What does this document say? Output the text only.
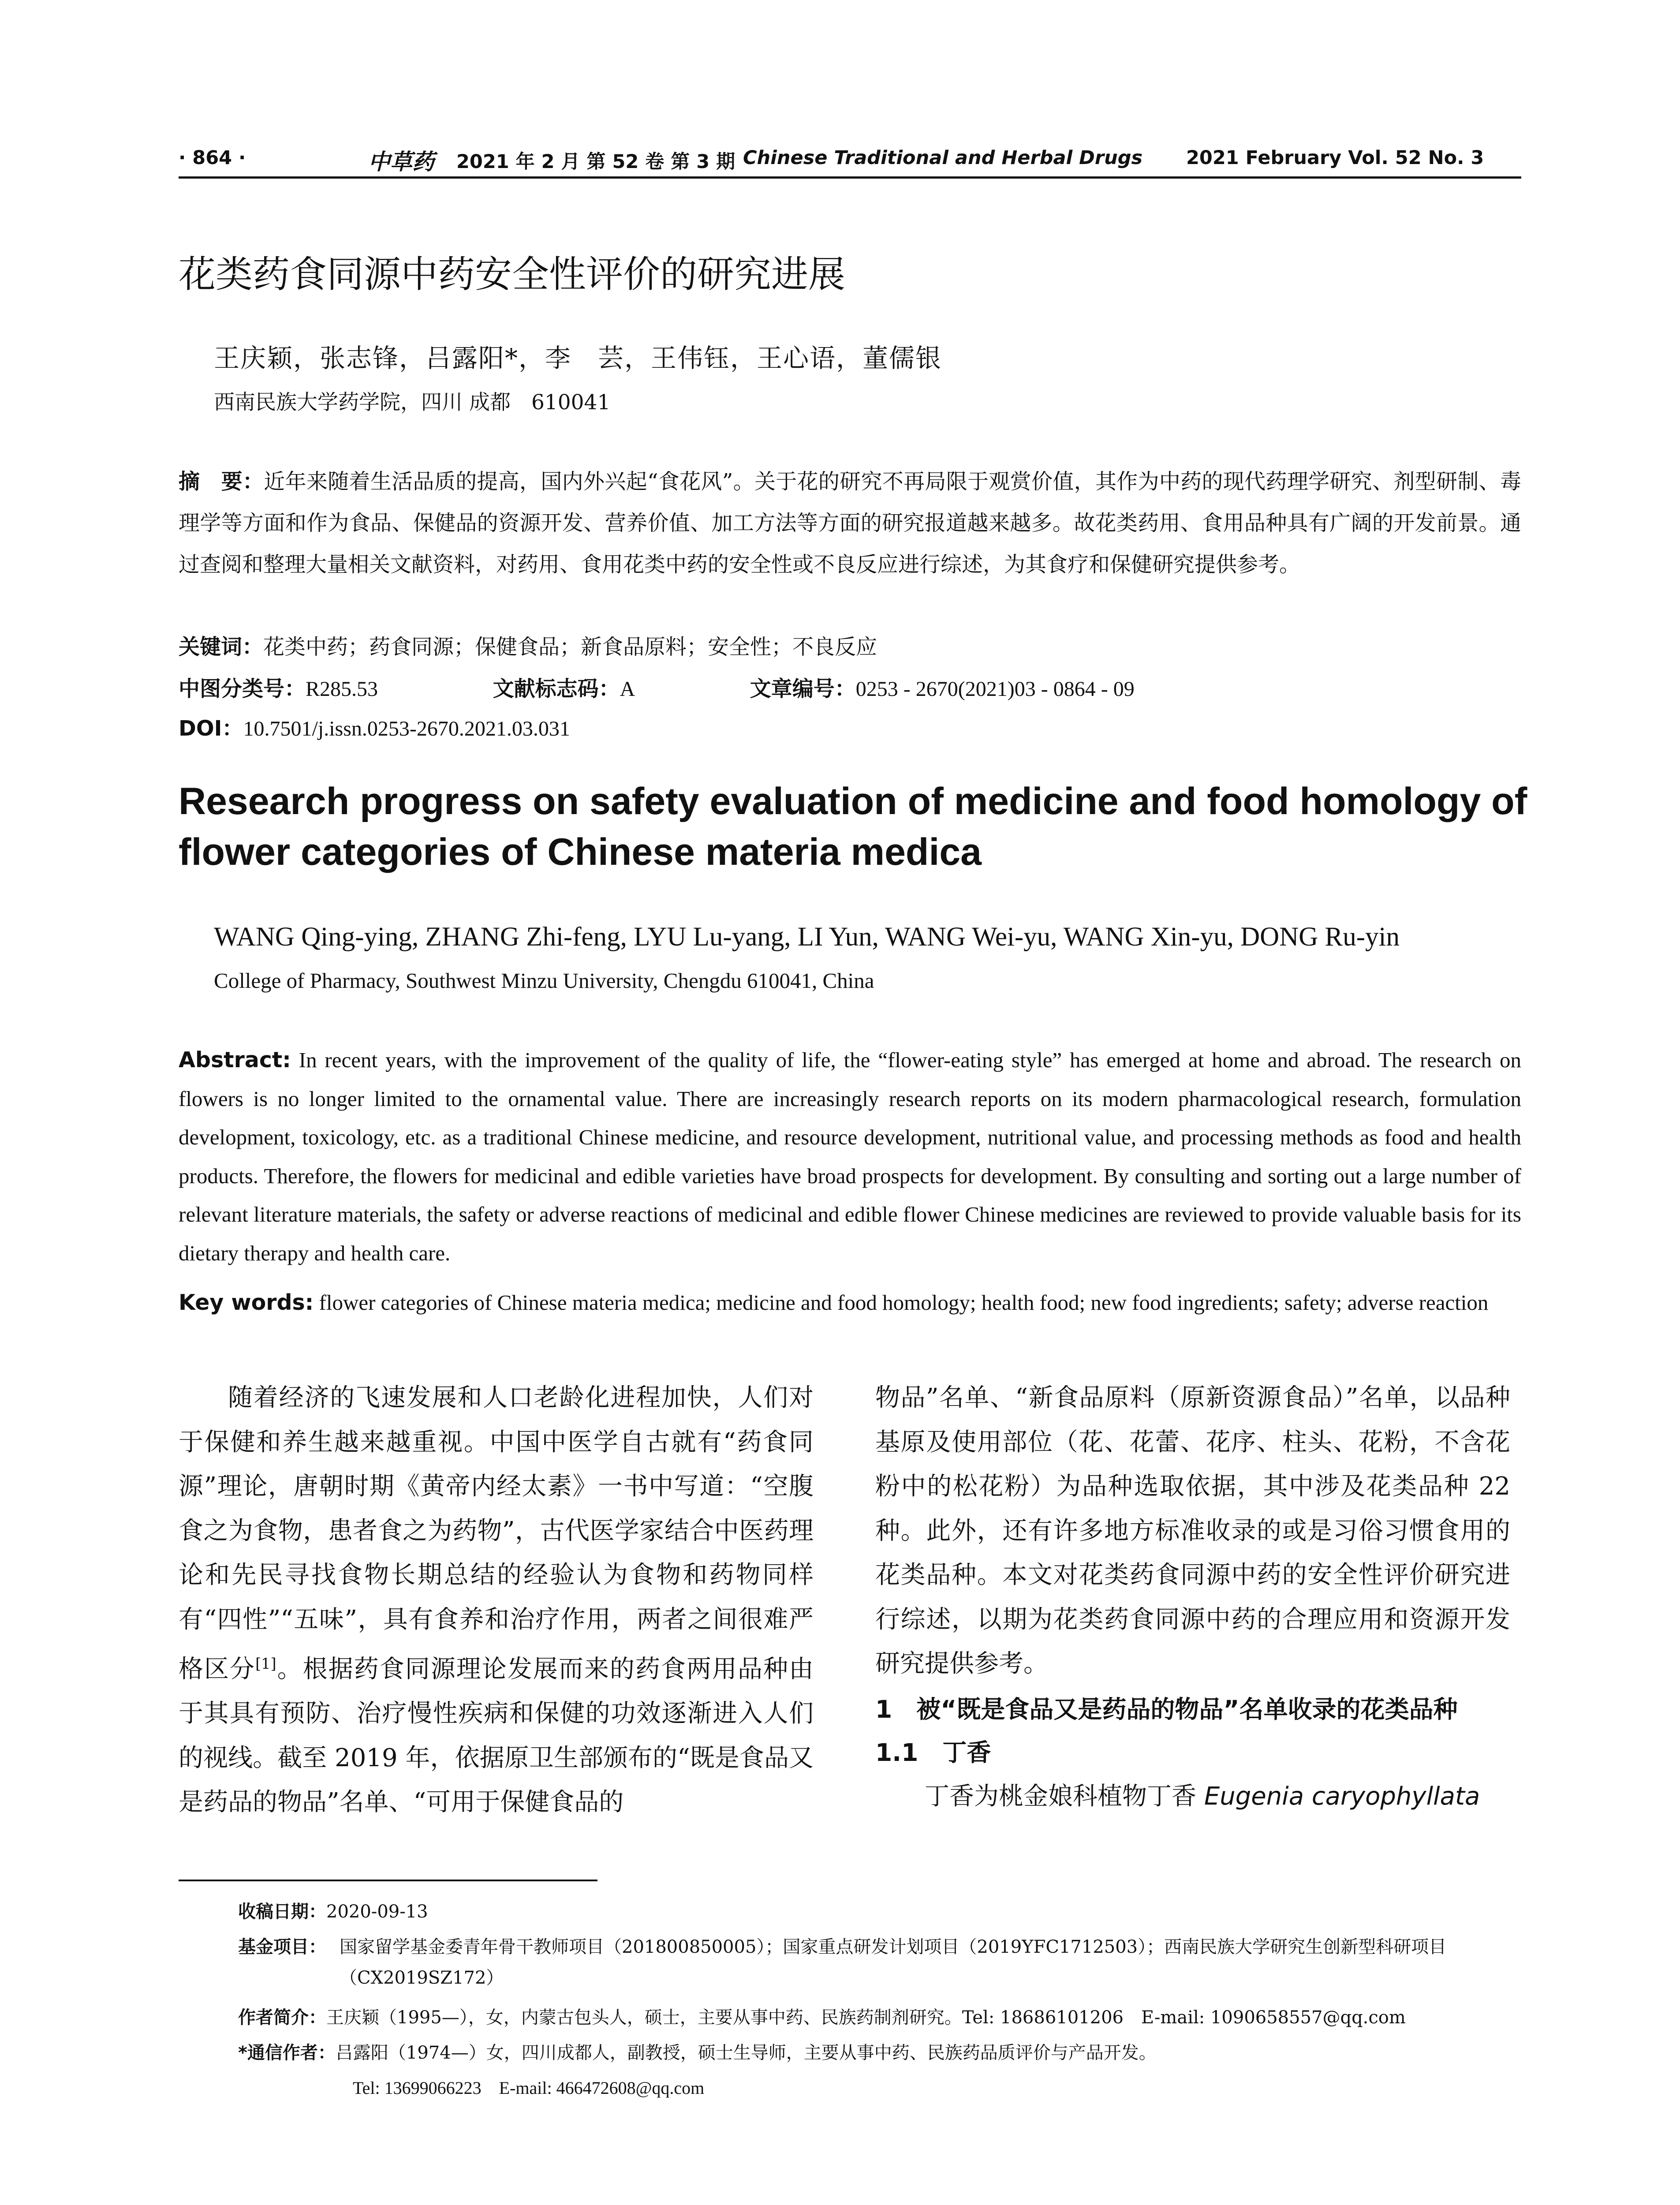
· 864 ·	中草药 2021 年 2 月 第 52 卷 第 3 期 Chinese Traditional and Herbal Drugs 2021 February Vol. 52 No. 3
花类药食同源中药安全性评价的研究进展
王庆颖，张志锋，吕露阳*，李　芸，王伟钰，王心语，董儒银
西南民族大学药学院，四川 成都　610041
摘　要：近年来随着生活品质的提高，国内外兴起“食花风”。关于花的研究不再局限于观赏价值，其作为中药的现代药理学研究、剂型研制、毒理学等方面和作为食品、保健品的资源开发、营养价值、加工方法等方面的研究报道越来越多。故花类药用、食用品种具有广阔的开发前景。通过查阅和整理大量相关文献资料，对药用、食用花类中药的安全性或不良反应进行综述，为其食疗和保健研究提供参考。
关键词：花类中药；药食同源；保健食品；新食品原料；安全性；不良反应
中图分类号：R285.53	文献标志码：A	文章编号：0253 - 2670(2021)03 - 0864 - 09
DOI：10.7501/j.issn.0253-2670.2021.03.031
Research progress on safety evaluation of medicine and food homology of flower categories of Chinese materia medica
WANG Qing-ying, ZHANG Zhi-feng, LYU Lu-yang, LI Yun, WANG Wei-yu, WANG Xin-yu, DONG Ru-yin
College of Pharmacy, Southwest Minzu University, Chengdu 610041, China
Abstract: In recent years, with the improvement of the quality of life, the “flower-eating style” has emerged at home and abroad. The research on flowers is no longer limited to the ornamental value. There are increasingly research reports on its modern pharmacological research, formulation development, toxicology, etc. as a traditional Chinese medicine, and resource development, nutritional value, and processing methods as food and health products. Therefore, the flowers for medicinal and edible varieties have broad prospects for development. By consulting and sorting out a large number of relevant literature materials, the safety or adverse reactions of medicinal and edible flower Chinese medicines are reviewed to provide valuable basis for its dietary therapy and health care.
Key words: flower categories of Chinese materia medica; medicine and food homology; health food; new food ingredients; safety; adverse reaction

随着经济的飞速发展和人口老龄化进程加快，人们对于保健和养生越来越重视。中国中医学自古就有“药食同源”理论，唐朝时期《黄帝内经太素》一书中写道：“空腹食之为食物，患者食之为药物”，古代医学家结合中医药理论和先民寻找食物长期总结的经验认为食物和药物同样有“四性”“五味”，具有食养和治疗作用，两者之间很难严格区分[1]。根据药食同源理论发展而来的药食两用品种由于其具有预防、治疗慢性疾病和保健的功效逐渐进入人们的视线。截至 2019 年，依据原卫生部颁布的“既是食品又是药品的物品”名单、“可用于保健食品的

物品”名单、“新食品原料（原新资源食品）”名单，以品种基原及使用部位（花、花蕾、花序、柱头、花粉，不含花粉中的松花粉）为品种选取依据，其中涉及花类品种 22 种。此外，还有许多地方标准收录的或是习俗习惯食用的花类品种。本文对花类药食同源中药的安全性评价研究进行综述，以期为花类药食同源中药的合理应用和资源开发研究提供参考。

1　被“既是食品又是药品的物品”名单收录的花类品种

1.1　丁香

丁香为桃金娘科植物丁香 Eugenia caryophyllata

收稿日期：2020-09-13
基金项目： 国家留学基金委青年骨干教师项目（201800850005）；国家重点研发计划项目（2019YFC1712503）；西南民族大学研究生创新型科研项目（CX2019SZ172）
作者简介：王庆颖（1995—），女，内蒙古包头人，硕士，主要从事中药、民族药制剂研究。Tel: 18686101206　E-mail: 1090658557@qq.com
*通信作者：吕露阳（1974—）女，四川成都人，副教授，硕士生导师，主要从事中药、民族药品质评价与产品开发。
Tel: 13699066223　E-mail: 466472608@qq.com
